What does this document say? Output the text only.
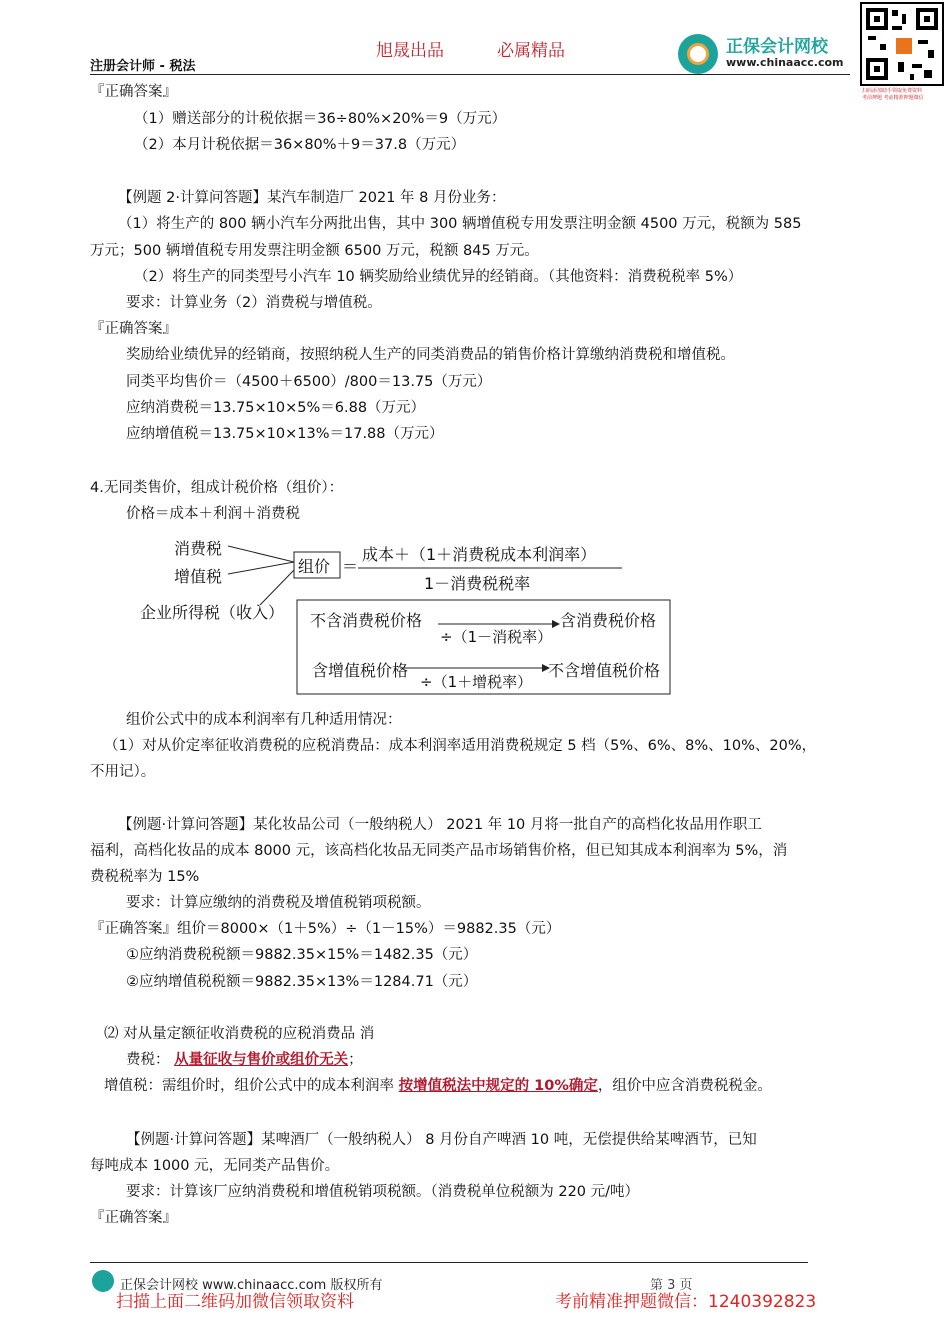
注册会计师 - 税法
旭晟出品	必属精品	正保会计网校
www.chinaacc.com
扫码添加助手领取免费资料
考前押题 考前精准押题微信
『正确答案』
（1）赠送部分的计税依据＝36÷80%×20%＝9（万元）
（2）本月计税依据＝36×80%＋9＝37.8（万元）
【例题 2·计算问答题】某汽车制造厂 2021 年 8 月份业务：
（1）将生产的 800 辆小汽车分两批出售，其中 300 辆增值税专用发票注明金额 4500 万元，税额为 585
万元；500 辆增值税专用发票注明金额 6500 万元，税额 845 万元。
（2）将生产的同类型号小汽车 10 辆奖励给业绩优异的经销商。（其他资料：消费税税率 5%）
要求：计算业务（2）消费税与增值税。
『正确答案』
奖励给业绩优异的经销商，按照纳税人生产的同类消费品的销售价格计算缴纳消费税和增值税。
同类平均售价＝（4500＋6500）/800＝13.75（万元）
应纳消费税＝13.75×10×5%＝6.88（万元）
应纳增值税＝13.75×10×13%＝17.88（万元）
4.无同类售价，组成计税价格（组价）：
价格＝成本＋利润＋消费税
消费税
增值税
企业所得税（收入）
组价 ＝
成本＋（1＋消费税成本利润率）
1－消费税税率
不含消费税价格
÷（1－消税率）
含消费税价格
含增值税价格
÷（1＋增税率）
不含增值税价格
组价公式中的成本利润率有几种适用情况：
（1）对从价定率征收消费税的应税消费品：成本利润率适用消费税规定 5 档（5%、6%、8%、10%、20%，
不用记）。
【例题·计算问答题】某化妆品公司（一般纳税人） 2021 年 10 月将一批自产的高档化妆品用作职工
福利，高档化妆品的成本 8000 元，该高档化妆品无同类产品市场销售价格，但已知其成本利润率为 5%，消
费税税率为 15%
要求：计算应缴纳的消费税及增值税销项税额。
『正确答案』组价＝8000×（1＋5%）÷（1－15%）＝9882.35（元）
①应纳消费税税额＝9882.35×15%＝1482.35（元）
②应纳增值税税额＝9882.35×13%＝1284.71（元）
⑵ 对从量定额征收消费税的应税消费品 消
费税： 从量征收与售价或组价无关；
增值税：需组价时，组价公式中的成本利润率 按增值税法中规定的 10%确定，组价中应含消费税税金。
【例题·计算问答题】某啤酒厂（一般纳税人） 8 月份自产啤酒 10 吨，无偿提供给某啤酒节，已知
每吨成本 1000 元，无同类产品售价。
要求：计算该厂应纳消费税和增值税销项税额。（消费税单位税额为 220 元/吨）
『正确答案』
正保会计网校 www.chinaacc.com 版权所有	第 3 页
扫描上面二维码加微信领取资料	考前精准押题微信：1240392823
